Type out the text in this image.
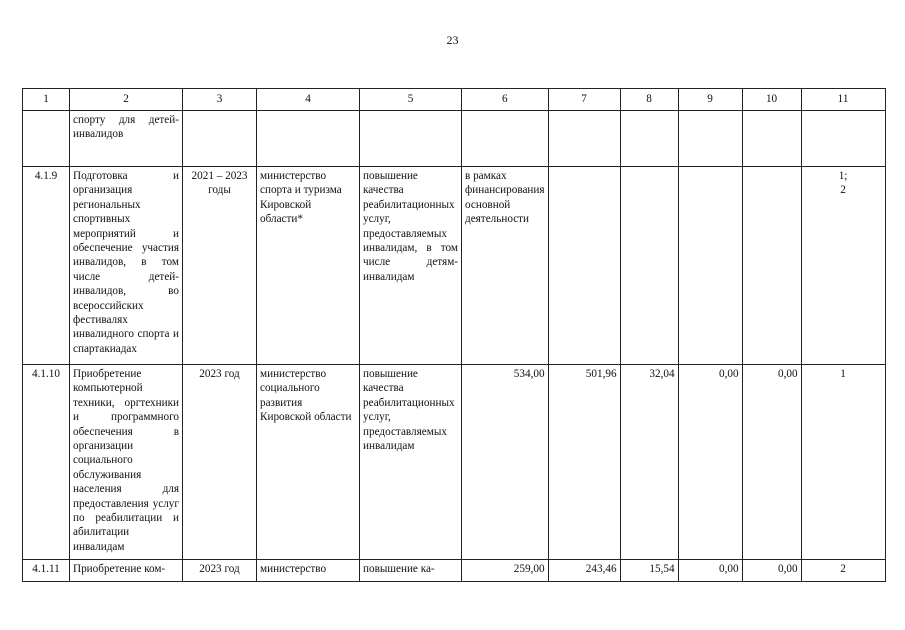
23
1	2	3	4	5	6	7	8	9	10	11
	спорту для детей-инвалидов									
4.1.9	Подготовка и организация региональных спортивных мероприятий и обеспечение участия инвалидов, в том числе детей-инвалидов, во всероссийских фестивалях инвалидного спорта и спартакиадах	2021 – 2023 годы	министерство спорта и туризма Кировской области*	повышение качества реабилитационных услуг, предоставляемых инвалидам, в том числе детям-инвалидам	в рамках финансирования основной деятельности					1; 2

4.1.10	Приобретение компьютерной техники, оргтехники и программного обеспечения в организации социального обслуживания населения для предоставления услуг по реабилитации и абилитации инвалидам	2023 год	министерство социального развития Кировской области	повышение качества реабилитационных услуг, предоставляемых инвалидам	534,00	501,96	32,04	0,00	0,00	1
4.1.11	Приобретение ком-	2023 год	министерство	повышение ка-	259,00	243,46	15,54	0,00	0,00	2
